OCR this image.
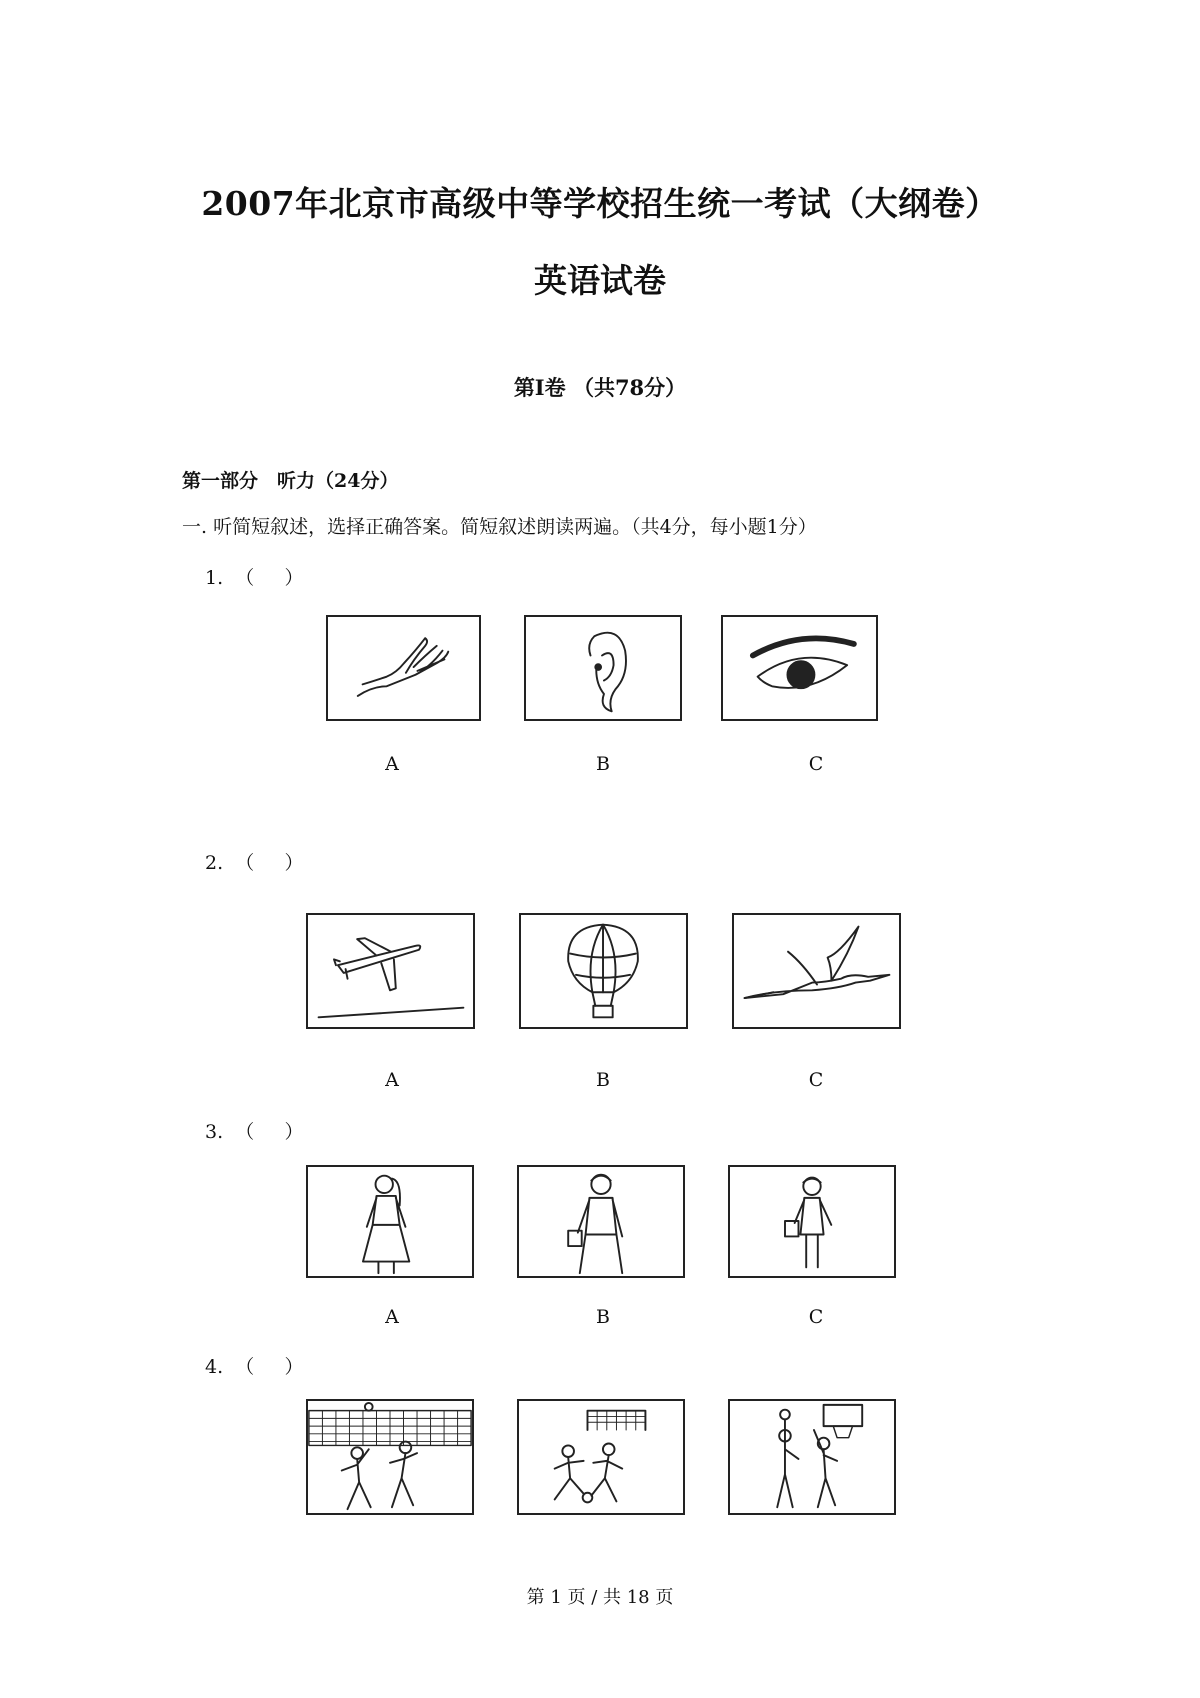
2007年北京市高级中等学校招生统一考试（大纲卷）
英语试卷
第Ⅰ卷 （共78分）
第一部分　听力（24分）
一. 听简短叙述，选择正确答案。简短叙述朗读两遍。（共4分，每小题1分）
1. （ ）
A	B	C
2. （ ）
A	B	C
3. （ ）
A	B	C
4. （ ）
第 1 页 / 共 18 页
